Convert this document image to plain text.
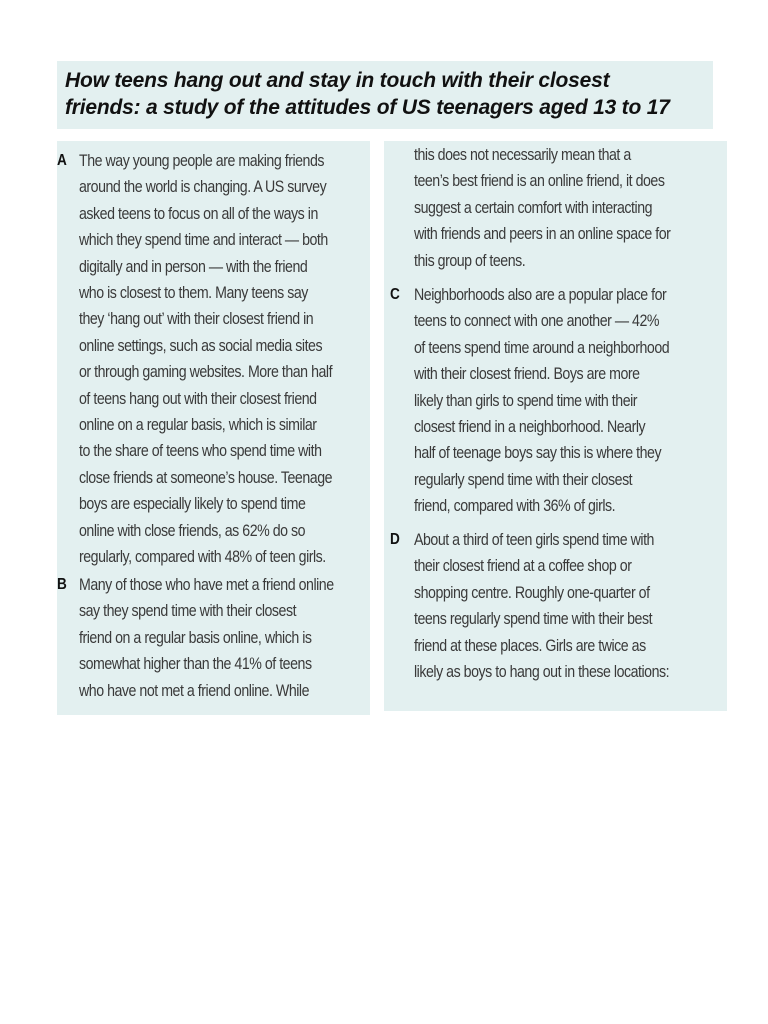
How teens hang out and stay in touch with their closest
friends: a study of the attitudes of US teenagers aged 13 to 17
A The way young people are making friends
around the world is changing. A US survey
asked teens to focus on all of the ways in
which they spend time and interact — both
digitally and in person — with the friend
who is closest to them. Many teens say
they ‘hang out’ with their closest friend in
online settings, such as social media sites
or through gaming websites. More than half
of teens hang out with their closest friend
online on a regular basis, which is similar
to the share of teens who spend time with
close friends at someone’s house. Teenage
boys are especially likely to spend time
online with close friends, as 62% do so
regularly, compared with 48% of teen girls.
B Many of those who have met a friend online
say they spend time with their closest
friend on a regular basis online, which is
somewhat higher than the 41% of teens
who have not met a friend online. While
this does not necessarily mean that a
teen’s best friend is an online friend, it does
suggest a certain comfort with interacting
with friends and peers in an online space for
this group of teens.
C Neighborhoods also are a popular place for
teens to connect with one another — 42%
of teens spend time around a neighborhood
with their closest friend. Boys are more
likely than girls to spend time with their
closest friend in a neighborhood. Nearly
half of teenage boys say this is where they
regularly spend time with their closest
friend, compared with 36% of girls.
D About a third of teen girls spend time with
their closest friend at a coffee shop or
shopping centre. Roughly one-quarter of
teens regularly spend time with their best
friend at these places. Girls are twice as
likely as boys to hang out in these locations:
